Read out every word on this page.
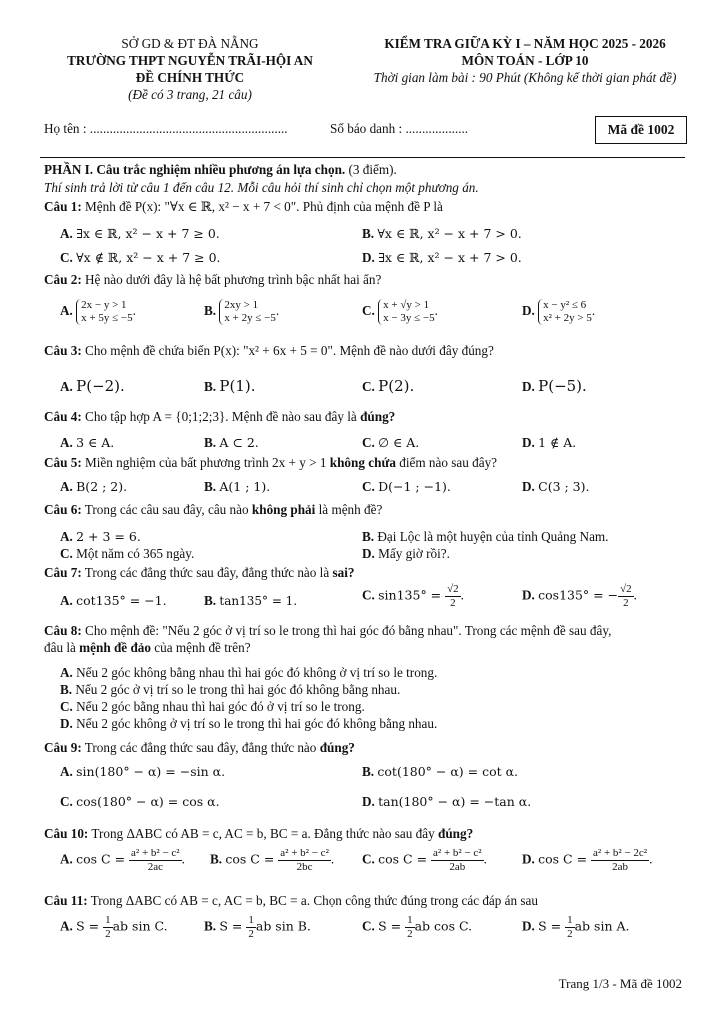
SỞ GD & ĐT ĐÀ NẴNG
TRƯỜNG THPT NGUYỄN TRÃI-HỘI AN
ĐỀ CHÍNH THỨC
(Đề có 3 trang, 21 câu)
KIỂM TRA GIỮA KỲ I – NĂM HỌC 2025 - 2026
MÔN TOÁN - LỚP 10
Thời gian làm bài : 90 Phút (Không kể thời gian phát đề)
Họ tên : ............................................................	Số báo danh : ...................	Mã đề 1002
PHẦN I. Câu trắc nghiệm nhiều phương án lựa chọn. (3 điểm).
Thí sinh trả lời từ câu 1 đến câu 12. Mỗi câu hỏi thí sinh chỉ chọn một phương án.
Câu 1: Mệnh đề P(x): "∀x ∈ ℝ, x² − x + 7 < 0". Phủ định của mệnh đề P là
A. ∃x ∈ ℝ, x² − x + 7 ≥ 0.	B. ∀x ∈ ℝ, x² − x + 7 > 0.
C. ∀x ∉ ℝ, x² − x + 7 ≥ 0.	D. ∃x ∈ ℝ, x² − x + 7 > 0.
Câu 2: Hệ nào dưới đây là hệ bất phương trình bậc nhất hai ẩn?
A. 2x − y > 1
x + 5y ≤ −5 .	B. 2xy > 1
x + 2y ≤ −5 .	C. x + √y > 1
x − 3y ≤ −5 .	D. x − y² ≤ 6
x² + 2y > 5 .
Câu 3: Cho mệnh đề chứa biến P(x): "x² + 6x + 5 = 0". Mệnh đề nào dưới đây đúng?
A. P(−2).	B. P(1).	C. P(2).	D. P(−5).
Câu 4: Cho tập hợp A = {0;1;2;3}. Mệnh đề nào sau đây là đúng?
A. 3 ∈ A.	B. A ⊂ 2.	C. ∅ ∈ A.	D. 1 ∉ A.
Câu 5: Miền nghiệm của bất phương trình 2x + y > 1 không chứa điểm nào sau đây?
A. B(2 ; 2).	B. A(1 ; 1).	C. D(−1 ; −1).	D. C(3 ; 3).
Câu 6: Trong các câu sau đây, câu nào không phải là mệnh đề?
A. 2 + 3 = 6.	B. Đại Lộc là một huyện của tỉnh Quảng Nam.
C. Một năm có 365 ngày.	D. Mấy giờ rồi?.
Câu 7: Trong các đẳng thức sau đây, đẳng thức nào là sai?
A. cot135° = −1.	B. tan135° = 1.	C. $\sin 135^\circ = \frac{√2}{2}$ .	D. cos135° = − $\frac{√2}{2}$ .
Câu 8: Cho mệnh đề: "Nếu 2 góc ở vị trí so le trong thì hai góc đó bằng nhau". Trong các mệnh đề sau đây,
đâu là mệnh đề đảo của mệnh đề trên?
A. Nếu 2 góc không bằng nhau thì hai góc đó không ở vị trí so le trong.
B. Nếu 2 góc ở vị trí so le trong thì hai góc đó không bằng nhau.
C. Nếu 2 góc bằng nhau thì hai góc đó ở vị trí so le trong.
D. Nếu 2 góc không ở vị trí so le trong thì hai góc đó không bằng nhau.
Câu 9: Trong các đẳng thức sau đây, đẳng thức nào đúng?
A. sin(180° − α) = −sin α.	B. cot(180° − α) = cot α.
C. cos(180° − α) = cos α.	D. tan(180° − α) = −tan α.
Câu 10: Trong ΔABC có AB = c, AC = b, BC = a. Đẳng thức nào sau đây đúng?
A. $\cos C = \frac{\text{a² + b² − c²}}{2ac}$ . B. $\cos C = \frac{\text{a² + b² − c²}}{2bc}$ . C. $\cos C = \frac{\text{a² + b² − c²}}{2ab}$ .	D. $\cos C = \frac{\text{a² + b² − 2c²}}{2ab}$ .
Câu 11: Trong ΔABC có AB = c, AC = b, BC = a. Chọn công thức đúng trong các đáp án sau
A. $S = \frac{1}{2}$ ab sin C.	B. $S = \frac{1}{2}$ ab sin B.	C. $S = \frac{1}{2}$ ab cos C.	D. $S = \frac{1}{2}$ ab sin A.
Trang 1/3 - Mã đề 1002
